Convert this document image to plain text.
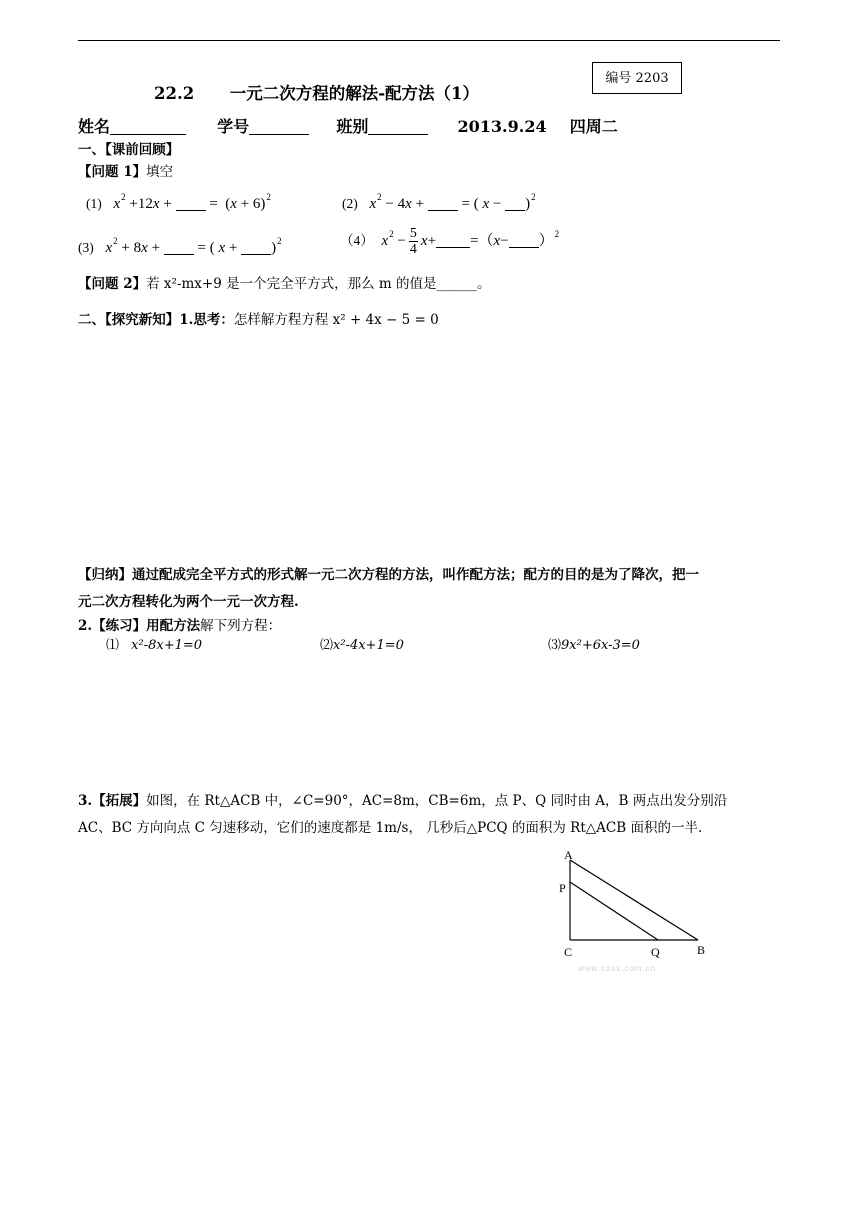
编号 2203
22.2 一元二次方程的解法-配方法（1）
姓名	学号	班别	2013.9.24 四周二
一、【课前回顾】
【问题 1】填空
(1) $x^2 +12x$ +  =  $(x + 6)^2$	(2) $x^2 - 4x$ +  = ( x − )$^2$
(3) $x^2 + 8x$ +  = ( x + )$^2$	（4） $x^2 - \frac{5}{4} x+ =(x- )^2$
【问题 2】若 x²-mx+9 是一个完全平方式，那么 m 的值是______。
二、【探究新知】1.思考：怎样解方程方程 x² + 4x − 5 = 0
【归纳】通过配成完全平方式的形式解一元二次方程的方法，叫作配方法；配方的目的是为了降次，把一
元二次方程转化为两个一元一次方程.
2.【练习】用配方法解下列方程：
⑴ x²-8x+1=0	⑵x²-4x+1=0	⑶9x²+6x-3=0
3.【拓展】如图，在 Rt△ACB 中，∠C=90°，AC=8m，CB=6m，点 P、Q 同时由 A，B 两点出发分别沿
AC、BC 方向向点 C 匀速移动，它们的速度都是 1m/s， 几秒后△PCQ 的面积为 Rt△ACB 面积的一半.
A
P
C	Q	B
www.czsx.com.cn
